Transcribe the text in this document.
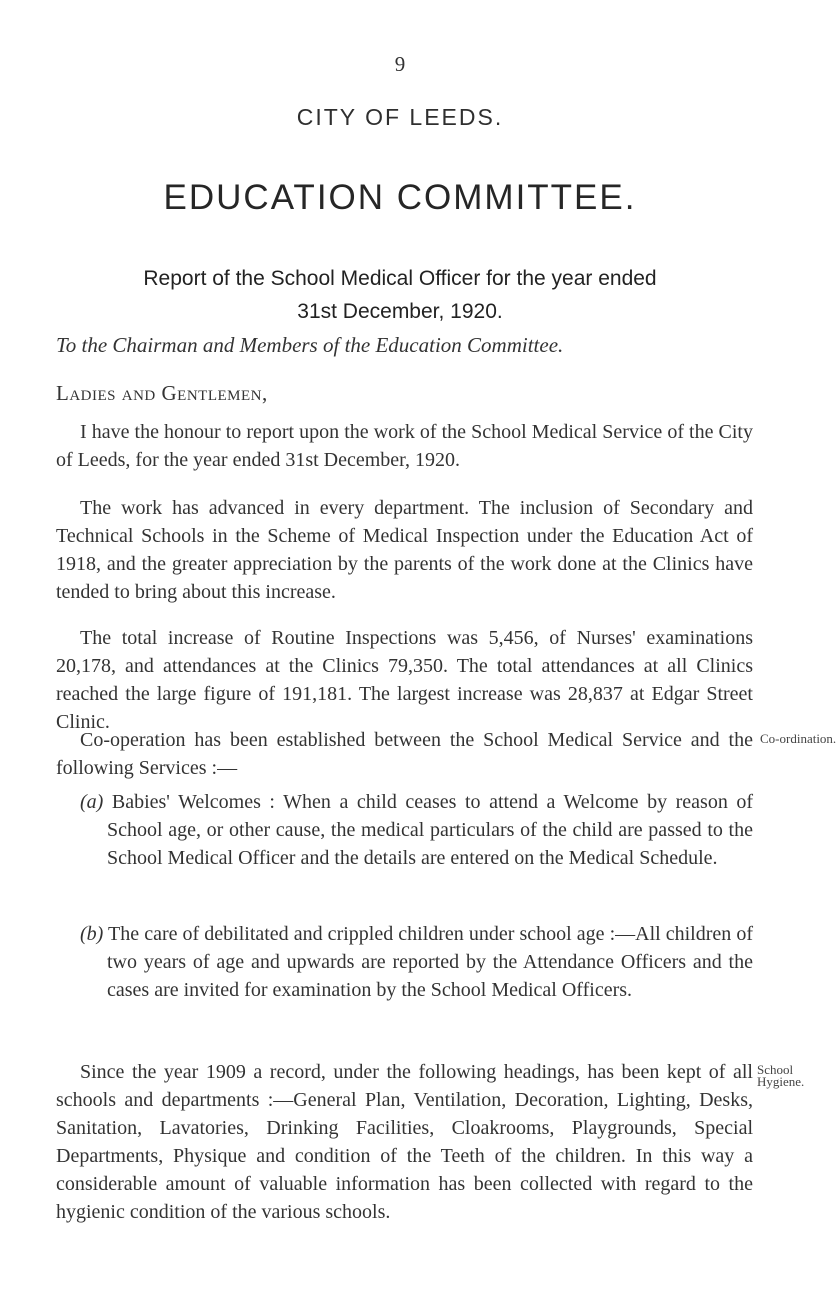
9
CITY OF LEEDS.
EDUCATION COMMITTEE.
Report of the School Medical Officer for the year ended
31st December, 1920.
To the Chairman and Members of the Education Committee.
Ladies and Gentlemen,

I have the honour to report upon the work of the School Medical Service of the City of Leeds, for the year ended 31st December, 1920.

The work has advanced in every department. The inclusion of Secondary and Technical Schools in the Scheme of Medical Inspection under the Education Act of 1918, and the greater appreciation by the parents of the work done at the Clinics have tended to bring about this increase.

The total increase of Routine Inspections was 5,456, of Nurses' examinations 20,178, and attendances at the Clinics 79,350. The total attendances at all Clinics reached the large figure of 191,181. The largest increase was 28,837 at Edgar Street Clinic.

Co-operation has been established between the School Medical Service and the following Services :—

Co-ordination.

(a) Babies' Welcomes : When a child ceases to attend a Welcome by reason of School age, or other cause, the medical particulars of the child are passed to the School Medical Officer and the details are entered on the Medical Schedule.

(b) The care of debilitated and crippled children under school age :—All children of two years of age and upwards are reported by the Attendance Officers and the cases are invited for examination by the School Medical Officers.

Since the year 1909 a record, under the following headings, has been kept of all schools and departments :—General Plan, Ventilation, Decoration, Lighting, Desks, Sanitation, Lavatories, Drinking Facilities, Cloakrooms, Playgrounds, Special Departments, Physique and condition of the Teeth of the children. In this way a considerable amount of valuable information has been collected with regard to the hygienic condition of the various schools.

School
Hygiene.
